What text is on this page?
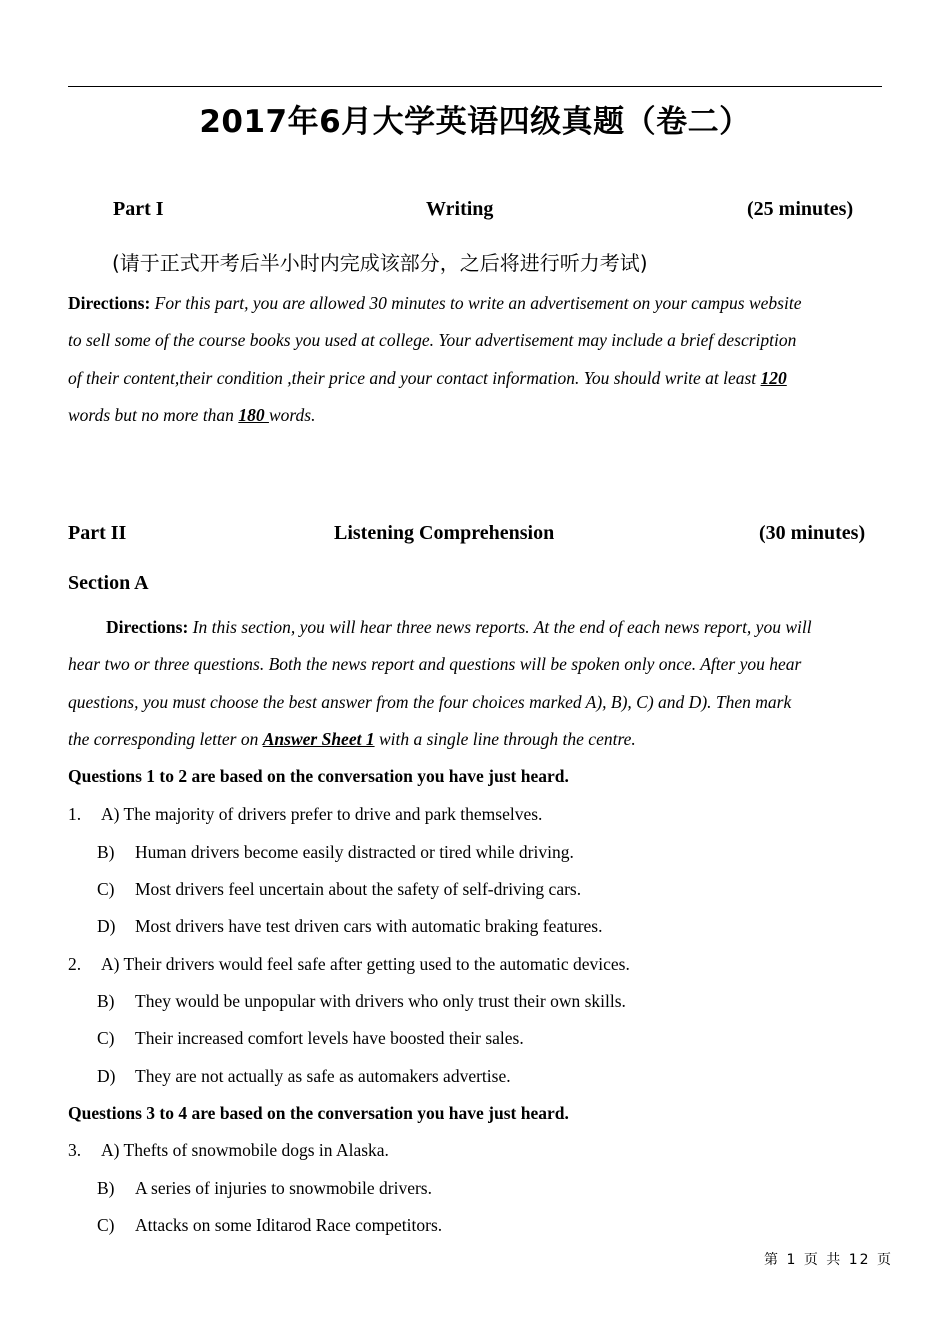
2017年6月大学英语四级真题（卷二）
Part I	Writing	(25 minutes)
(请于正式开考后半小时内完成该部分，之后将进行听力考试)
Directions: For this part, you are allowed 30 minutes to write an advertisement on your campus website
to sell some of the course books you used at college. Your advertisement may include a brief description
of their content,their condition ,their price and your contact information. You should write at least 120
words but no more than 180 words.
Part II	Listening Comprehension	(30 minutes)
Section A
Directions: In this section, you will hear three news reports. At the end of each news report, you will
hear two or three questions. Both the news report and questions will be spoken only once. After you hear
questions, you must choose the best answer from the four choices marked A), B), C) and D). Then mark
the corresponding letter on Answer Sheet 1 with a single line through the centre.
Questions 1 to 2 are based on the conversation you have just heard.
1. A) The majority of drivers prefer to drive and park themselves.
B) Human drivers become easily distracted or tired while driving.
C) Most drivers feel uncertain about the safety of self-driving cars.
D) Most drivers have test driven cars with automatic braking features.
2. A) Their drivers would feel safe after getting used to the automatic devices.
B) They would be unpopular with drivers who only trust their own skills.
C) Their increased comfort levels have boosted their sales.
D) They are not actually as safe as automakers advertise.
Questions 3 to 4 are based on the conversation you have just heard.
3. A) Thefts of snowmobile dogs in Alaska.
B) A series of injuries to snowmobile drivers.
C) Attacks on some Iditarod Race competitors.
第 1 页 共 12 页
